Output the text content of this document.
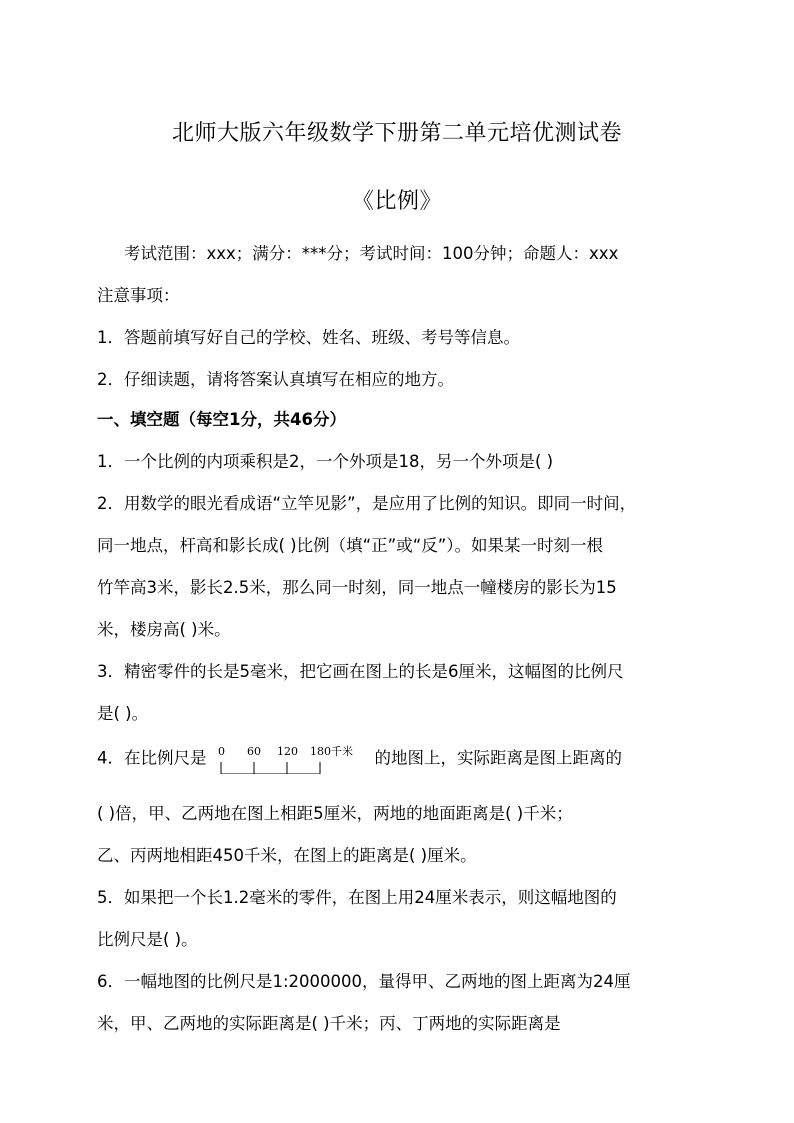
北师大版六年级数学下册第二单元培优测试卷
《比例》
考试范围：xxx；满分：***分；考试时间：100分钟；命题人：xxx
注意事项：
1．答题前填写好自己的学校、姓名、班级、考号等信息。
2．仔细读题，请将答案认真填写在相应的地方。
一、填空题（每空1分，共46分）
1．一个比例的内项乘积是2，一个外项是18，另一个外项是( )
2．用数学的眼光看成语“立竿见影”，是应用了比例的知识。即同一时间，
同一地点，杆高和影长成( )比例（填“正”或“反”）。如果某一时刻一根
竹竿高3米，影长2.5米，那么同一时刻，同一地点一幢楼房的影长为15
米，楼房高( )米。
3．精密零件的长是5毫米，把它画在图上的长是6厘米，这幅图的比例尺
是( )。
4．在比例尺是 0 60 120 180千米 的地图上，实际距离是图上距离的
( )倍，甲、乙两地在图上相距5厘米，两地的地面距离是( )千米；
乙、丙两地相距450千米，在图上的距离是( )厘米。
5．如果把一个长1.2毫米的零件，在图上用24厘米表示，则这幅地图的
比例尺是( )。
6．一幅地图的比例尺是1:2000000，量得甲、乙两地的图上距离为24厘
米，甲、乙两地的实际距离是( )千米；丙、丁两地的实际距离是
